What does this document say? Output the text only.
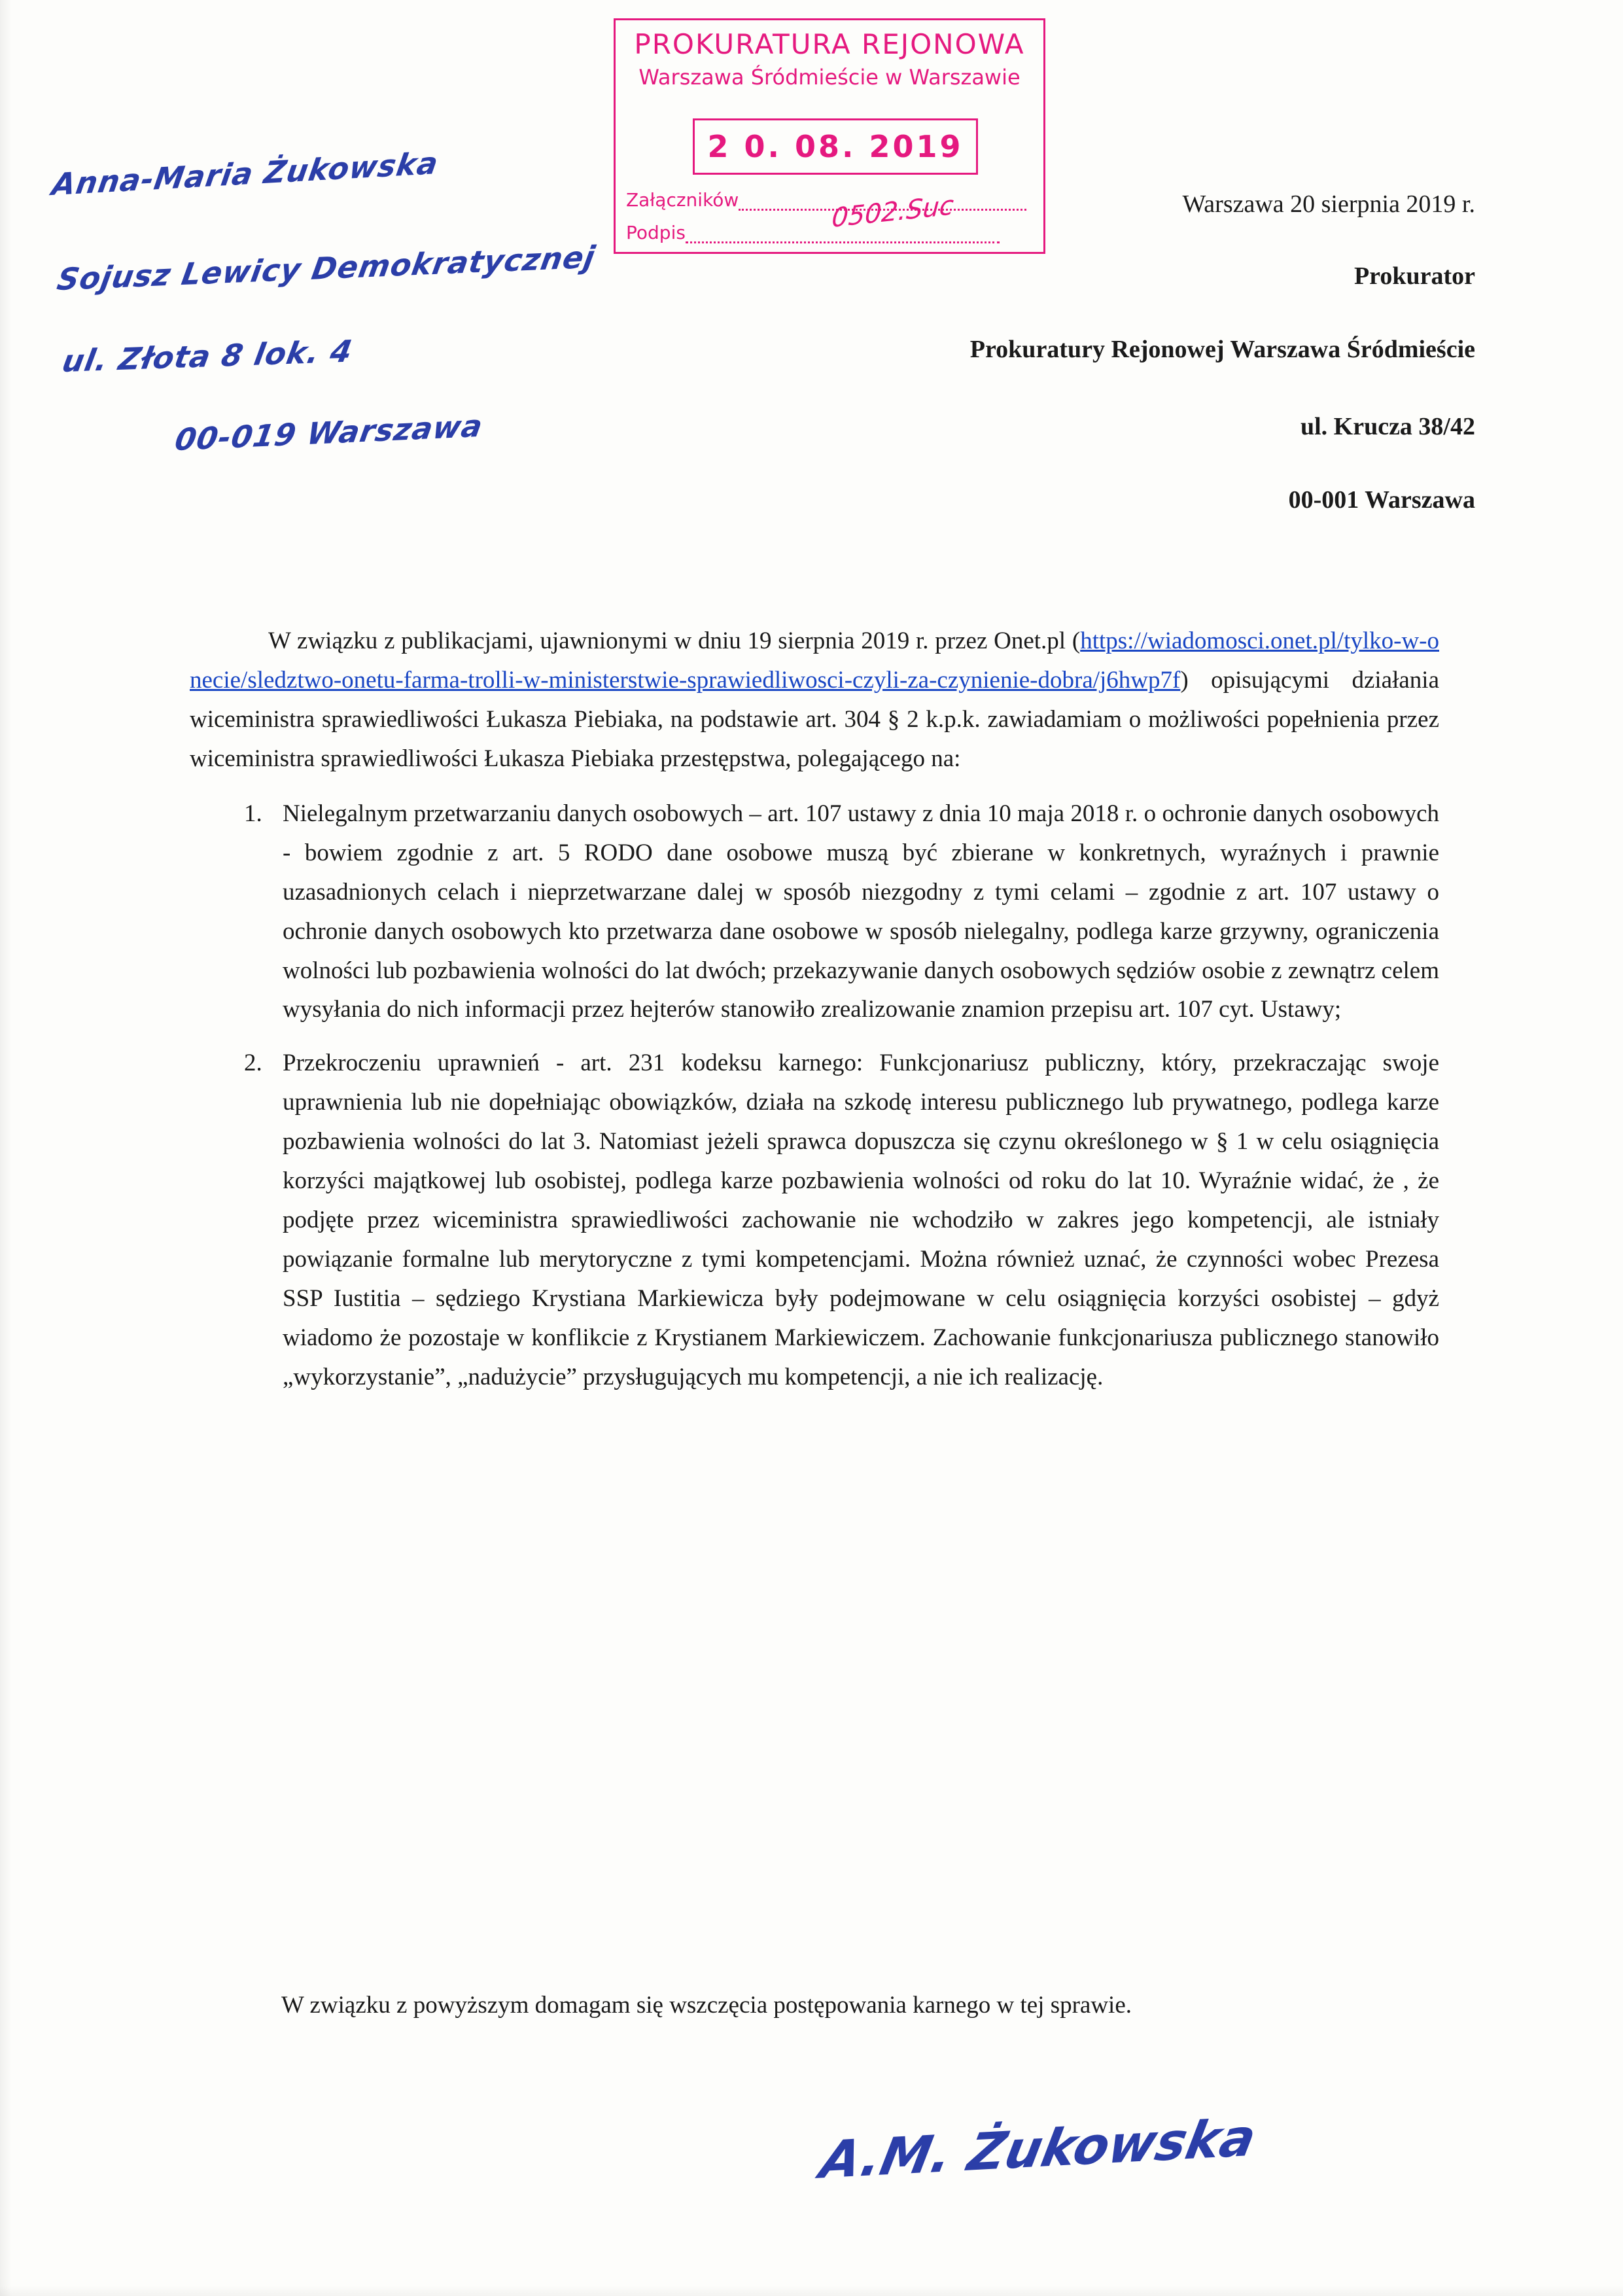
Anna-Maria Żukowska
Sojusz Lewicy Demokratycznej
ul. Złota 8 lok. 4
00-019 Warszawa
PROKURATURA REJONOWA
Warszawa Śródmieście w Warszawie
2 0. 08. 2019
Załączników
Podpis	0502.Suc	Warszawa 20 sierpnia 2019 r.
Prokurator
Prokuratury Rejonowej Warszawa Śródmieście
ul. Krucza 38/42
00-001 Warszawa

W związku z publikacjami, ujawnionymi w dniu 19 sierpnia 2019 r. przez Onet.pl (https://wiadomosci.onet.pl/tylko-w-onecie/sledztwo-onetu-farma-trolli-w-ministerstwie-sprawiedliwosci-czyli-za-czynienie-dobra/j6hwp7f) opisującymi działania wiceministra sprawiedliwości Łukasza Piebiaka, na podstawie art. 304 § 2 k.p.k. zawiadamiam o możliwości popełnienia przez wiceministra sprawiedliwości Łukasza Piebiaka przestępstwa, polegającego na:

1. Nielegalnym przetwarzaniu danych osobowych – art. 107 ustawy z dnia 10 maja 2018 r. o ochronie danych osobowych - bowiem zgodnie z art. 5 RODO dane osobowe muszą być zbierane w konkretnych, wyraźnych i prawnie uzasadnionych celach i nieprzetwarzane dalej w sposób niezgodny z tymi celami – zgodnie z art. 107 ustawy o ochronie danych osobowych kto przetwarza dane osobowe w sposób nielegalny, podlega karze grzywny, ograniczenia wolności lub pozbawienia wolności do lat dwóch; przekazywanie danych osobowych sędziów osobie z zewnątrz celem wysyłania do nich informacji przez hejterów stanowiło zrealizowanie znamion przepisu art. 107 cyt. Ustawy;
2. Przekroczeniu uprawnień - art. 231 kodeksu karnego: Funkcjonariusz publiczny, który, przekraczając swoje uprawnienia lub nie dopełniając obowiązków, działa na szkodę interesu publicznego lub prywatnego, podlega karze pozbawienia wolności do lat 3. Natomiast jeżeli sprawca dopuszcza się czynu określonego w § 1 w celu osiągnięcia korzyści majątkowej lub osobistej, podlega karze pozbawienia wolności od roku do lat 10. Wyraźnie widać, że , że podjęte przez wiceministra sprawiedliwości zachowanie nie wchodziło w zakres jego kompetencji, ale istniały powiązanie formalne lub merytoryczne z tymi kompetencjami. Można również uznać, że czynności wobec Prezesa SSP Iustitia – sędziego Krystiana Markiewicza były podejmowane w celu osiągnięcia korzyści osobistej – gdyż wiadomo że pozostaje w konflikcie z Krystianem Markiewiczem. Zachowanie funkcjonariusza publicznego stanowiło „wykorzystanie”, „nadużycie” przysługujących mu kompetencji, a nie ich realizację.
W związku z powyższym domagam się wszczęcia postępowania karnego w tej sprawie.
A.M. Żukowska
